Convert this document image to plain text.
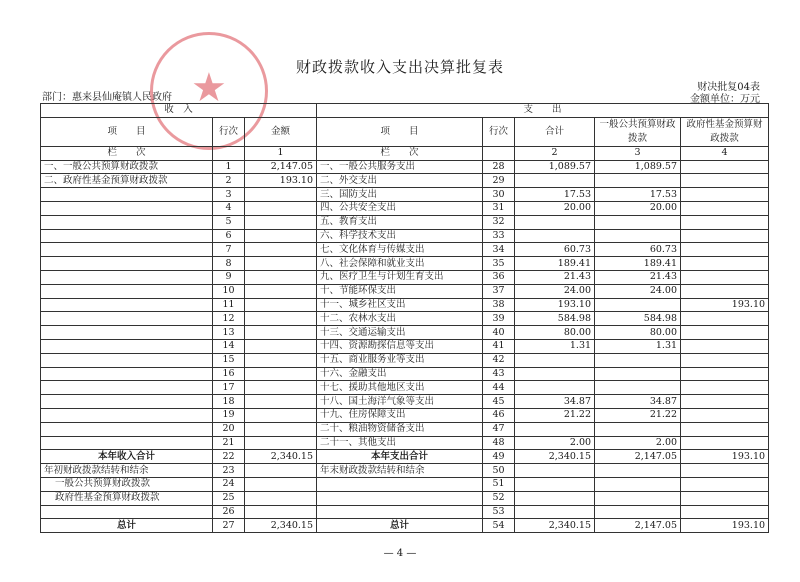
财政拨款收入支出决算批复表
部门：惠来县仙庵镇人民政府
财决批复04表
金额单位：万元
★
收　入			支　　出				
项　　目	行次	金额	项　　目	行次	合计	一般公共预算财政拨款	政府性基金预算财政拨款

栏　　次		1	栏　　次		2	3	4
一、一般公共预算财政拨款	1	2,147.05	一、一般公共服务支出	28	1,089.57	1,089.57	
二、政府性基金预算财政拨款	2	193.10	二、外交支出	29			
	3		三、国防支出	30	17.53	17.53	
	4		四、公共安全支出	31	20.00	20.00	
	5		五、教育支出	32			
	6		六、科学技术支出	33			
	7		七、文化体育与传媒支出	34	60.73	60.73	
	8		八、社会保障和就业支出	35	189.41	189.41	
	9		九、医疗卫生与计划生育支出	36	21.43	21.43	
	10		十、节能环保支出	37	24.00	24.00	
	11		十一、城乡社区支出	38	193.10		193.10
	12		十二、农林水支出	39	584.98	584.98	
	13		十三、交通运输支出	40	80.00	80.00	
	14		十四、资源勘探信息等支出	41	1.31	1.31	
	15		十五、商业服务业等支出	42			
	16		十六、金融支出	43			
	17		十七、援助其他地区支出	44			
	18		十八、国土海洋气象等支出	45	34.87	34.87	
	19		十九、住房保障支出	46	21.22	21.22	
	20		二十、粮油物资储备支出	47			
	21		二十一、其他支出	48	2.00	2.00	
本年收入合计	22	2,340.15	本年支出合计	49	2,340.15	2,147.05	193.10
年初财政拨款结转和结余	23		年末财政拨款结转和结余	50			
一般公共预算财政拨款	24			51			
政府性基金预算财政拨款	25			52			
	26			53			
总计	27	2,340.15	总计	54	2,340.15	2,147.05	193.10
— 4 —
